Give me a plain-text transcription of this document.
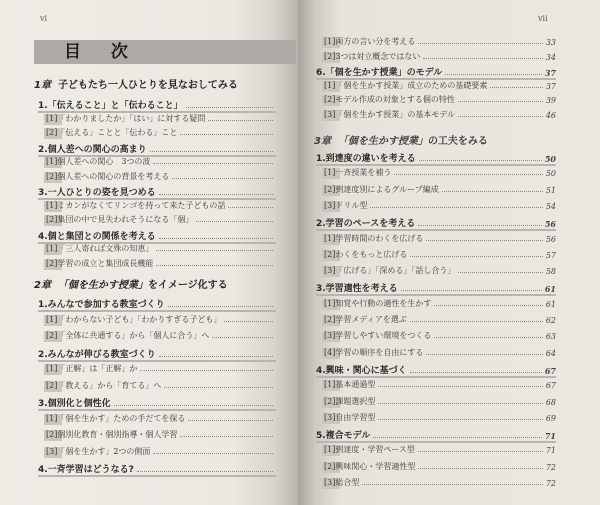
vi
目 次
1章 子どもたち一人ひとりを見なおしてみる
1.「伝えること」と「伝わること」
[1]「わかりましたか」「はい」に対する疑問
[2]「伝える」ことと「伝わる」こと
2.個人差への関心の高まり
[1]個人差への関心　3つの波
[2]個人差への関心の背景を考える
3.一人ひとりの姿を見つめる
[1]ミカンがなくてリンゴを持って来た子どもの話
[2]集団の中で見失われそうになる「個」
4.個と集団との関係を考える
[1]「三人寄れば文殊の知恵」
[2]学習の成立と集団成長機能
2章 「個を生かす授業」をイメージ化する
1.みんなで参加する教室づくり
[1]「わからない子ども」「わかりすぎる子ども」
[2]「全体に共通する」から「個人に合う」へ
2.みんなが伸びる教室づくり
[1]「正解」は「正解」か
[2]「教える」から「育てる」へ
3.個別化と個性化
[1]「個を生かす」ための手だてを探る
[2]個別化教育・個別指導・個人学習
[3]「個を生かす」2つの側面
4.一斉学習はどうなる?
vii
[1]両方の言い分を考える	33
[2]3つは対立概念ではない	34
6.「個を生かす授業」のモデル	37
[1]「個を生かす授業」成立のための基礎要素	37
[2]モデル作成の対象とする個の特性	39
[3]「個を生かす授業」の基本モデル	46
3章 「個を生かす授業」の工夫をみる
1.到達度の違いを考える	50
[1]一斉授業を補う	50
[2]到達度別によるグループ編成	51
[3]ドリル型	54
2.学習のペースを考える	56
[1]学習時間のわくを広げる	56
[2]わくをもっと広げる	57
[3]「広げる」「深める」「話し合う」	58
3.学習適性を考える	61
[1]知覚や行動の適性を生かす	61
[2]学習メディアを選ぶ	62
[3]学習しやすい環境をつくる	63
[4]学習の順序を自由にする	64
4.興味・関心に基づく	67
[1]基本通過型	67
[2]課題選択型	68
[3]自由学習型	69
5.複合モデル	71
[1]到達度・学習ペース型	71
[2]興味関心・学習適性型	72
[3]総合型	72
